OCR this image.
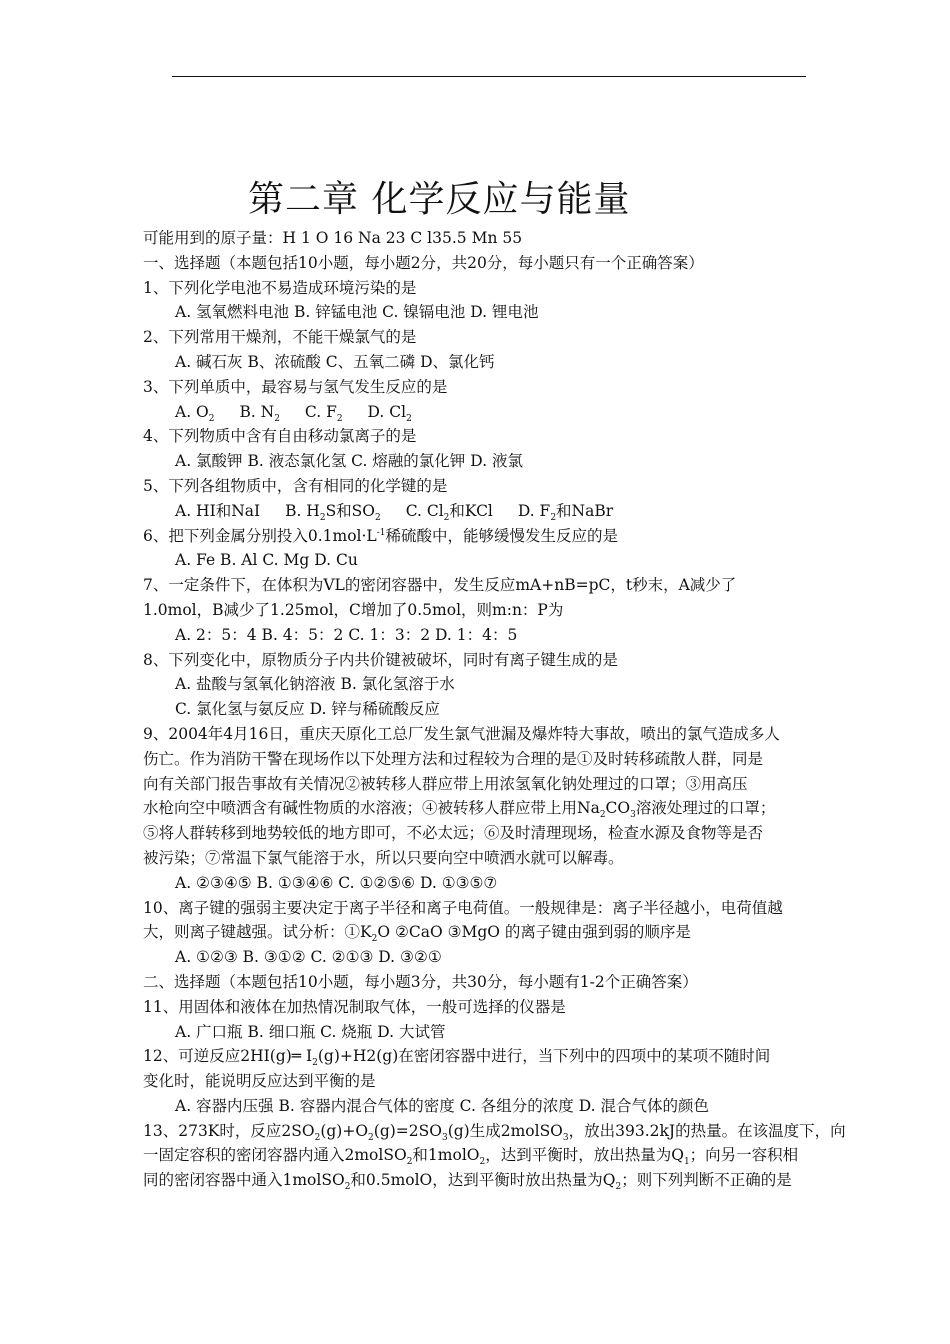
第二章 化学反应与能量
可能用到的原子量：H 1 O 16 Na 23 C l35.5 Mn 55
一、选择题（本题包括10小题，每小题2分，共20分，每小题只有一个正确答案）
1、下列化学电池不易造成环境污染的是
A. 氢氧燃料电池 B. 锌锰电池 C. 镍镉电池 D. 锂电池
2、下列常用干燥剂，不能干燥氯气的是
A. 碱石灰 B、浓硫酸 C、五氧二磷 D、氯化钙
3、下列单质中，最容易与氢气发生反应的是
A. $O_2$ B. $N_2$ C. $F_2$ D. $Cl_2$
4、下列物质中含有自由移动氯离子的是
A. 氯酸钾 B. 液态氯化氢 C. 熔融的氯化钾 D. 液氯
5、下列各组物质中，含有相同的化学键的是
A. HI和NaI B. $H_2S$和$SO_2$ C. $Cl_2$和KCl D. $F_2$和NaBr
6、把下列金属分别投入$0.1mol\cdot L^{-1}$稀硫酸中，能够缓慢发生反应的是
A. Fe B. Al C. Mg D. Cu
7、一定条件下，在体积为VL的密闭容器中，发生反应mA+nB=pC，t秒末，A减少了
1.0mol，B减少了1.25mol，C增加了0.5mol，则m:n：P为
A. 2：5：4 B. 4：5：2 C. 1：3：2 D. 1：4：5
8、下列变化中，原物质分子内共价键被破坏，同时有离子键生成的是
A. 盐酸与氢氧化钠溶液 B. 氯化氢溶于水
C. 氯化氢与氨反应 D. 锌与稀硫酸反应
9、2004年4月16日，重庆天原化工总厂发生氯气泄漏及爆炸特大事故，喷出的氯气造成多人
伤亡。作为消防干警在现场作以下处理方法和过程较为合理的是①及时转移疏散人群，同是
向有关部门报告事故有关情况②被转移人群应带上用浓氢氧化钠处理过的口罩；③用高压
水枪向空中喷洒含有碱性物质的水溶液；④被转移人群应带上用$Na_2CO_3$溶液处理过的口罩；
⑤将人群转移到地势较低的地方即可，不必太远；⑥及时清理现场，检查水源及食物等是否
被污染；⑦常温下氯气能溶于水，所以只要向空中喷洒水就可以解毒。
A. ②③④⑤ B. ①③④⑥ C. ①②⑤⑥ D. ①③⑤⑦
10、离子键的强弱主要决定于离子半径和离子电荷值。一般规律是：离子半径越小，电荷值越
大，则离子键越强。试分析：$①K_2O$ ②CaO ③MgO 的离子键由强到弱的顺序是
A. ①②③ B. ③①② C. ②①③ D. ③②①
二、选择题（本题包括10小题，每小题3分，共30分，每小题有1-2个正确答案）
11、用固体和液体在加热情况制取气体，一般可选择的仪器是
A. 广口瓶 B. 细口瓶 C. 烧瓶 D. 大试管
12、可逆反应2HI(g)═ $I_2(g)+H2(g)$在密闭容器中进行，当下列中的四项中的某项不随时间
变化时，能说明反应达到平衡的是
A. 容器内压强 B. 容器内混合气体的密度 C. 各组分的浓度 D. 混合气体的颜色
13、273K时，反应$2SO_2(g)+O_2(g)=2SO_3(g)$生成2molSO$_3$，放出393.2kJ的热量。在该温度下，向
一固定容积的密闭容器内通入2molSO$_2$和1molO$_2$，达到平衡时，放出热量为$Q_1$；向另一容积相
同的密闭容器中通入1molSO$_2$和0.5molO，达到平衡时放出热量为$Q_2$；则下列判断不正确的是
